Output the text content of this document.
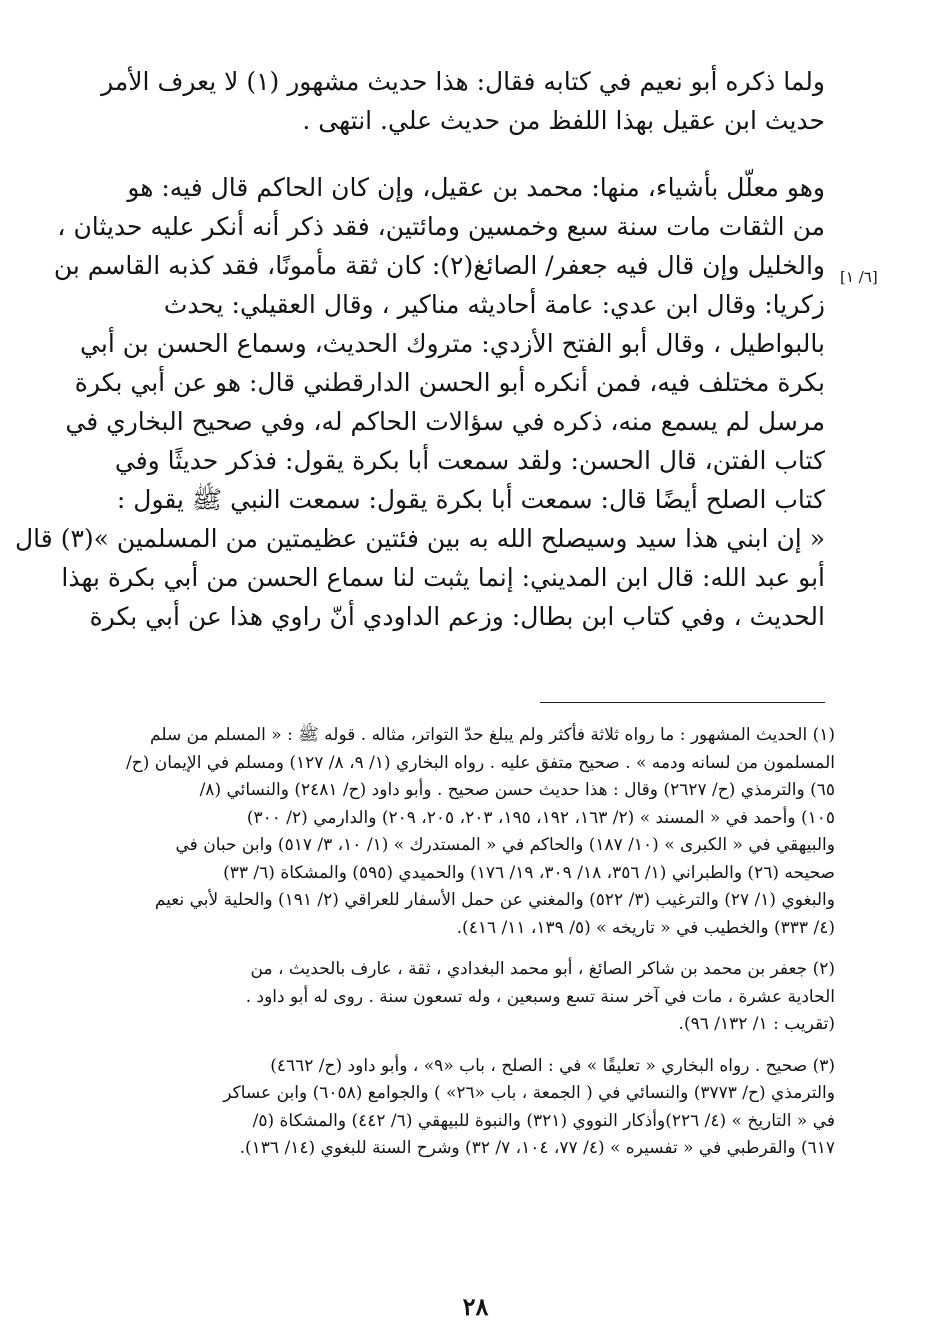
ولما ذكره أبو نعيم في كتابه فقال: هذا حديث مشهور (١) لا يعرف الأمر
حديث ابن عقيل بهذا اللفظ من حديث علي. انتهى .
وهو معلّل بأشياء، منها: محمد بن عقيل، وإن كان الحاكم قال فيه: هو
من الثقات مات سنة سبع وخمسين ومائتين، فقد ذكر أنه أنكر عليه حديثان ،
والخليل وإن قال فيه جعفر/ الصائغ(٢): كان ثقة مأمونًا، فقد كذبه القاسم بن
زكريا: وقال ابن عدي: عامة أحاديثه مناكير ، وقال العقيلي: يحدث
بالبواطيل ، وقال أبو الفتح الأزدي: متروك الحديث، وسماع الحسن بن أبي
بكرة مختلف فيه، فمن أنكره أبو الحسن الدارقطني قال: هو عن أبي بكرة
مرسل لم يسمع منه، ذكره في سؤالات الحاكم له، وفي صحيح البخاري في
كتاب الفتن، قال الحسن: ولقد سمعت أبا بكرة يقول: فذكر حديثًا وفي
كتاب الصلح أيضًا قال: سمعت أبا بكرة يقول: سمعت النبي ﷺ يقول :
« إن ابني هذا سيد وسيصلح الله به بين فئتين عظيمتين من المسلمين »(٣) قال
أبو عبد الله: قال ابن المديني: إنما يثبت لنا سماع الحسن من أبي بكرة بهذا
الحديث ، وفي كتاب ابن بطال: وزعم الداودي أنّ راوي هذا عن أبي بكرة
[٦/ ١]
(١) الحديث المشهور : ما رواه ثلاثة فأكثر ولم يبلغ حدّ التواتر، مثاله . قوله ﷺ : « المسلم من سلم
المسلمون من لسانه ودمه » . صحيح متفق عليه . رواه البخاري (١/ ٩، ٨/ ١٢٧) ومسلم في الإيمان (ح/
٦٥) والترمذي (ح/ ٢٦٢٧) وقال : هذا حديث حسن صحيح . وأبو داود (ح/ ٢٤٨١) والنسائي (٨/
١٠٥) وأحمد في « المسند » (٢/ ١٦٣، ١٩٢، ١٩٥، ٢٠٣، ٢٠٥، ٢٠٩) والدارمي (٢/ ٣٠٠)
والبيهقي في « الكبرى » (١٠/ ١٨٧) والحاكم في « المستدرك » (١/ ١٠، ٣/ ٥١٧) وابن حبان في
صحيحه (٢٦) والطبراني (١/ ٣٥٦، ١٨/ ٣٠٩، ١٩/ ١٧٦) والحميدي (٥٩٥) والمشكاة (٦/ ٣٣)
والبغوي (١/ ٢٧) والترغيب (٣/ ٥٢٢) والمغني عن حمل الأسفار للعراقي (٢/ ١٩١) والحلية لأبي نعيم
(٤/ ٣٣٣) والخطيب في « تاريخه » (٥/ ١٣٩، ١١/ ٤١٦).
(٢) جعفر بن محمد بن شاكر الصائغ ، أبو محمد البغدادي ، ثقة ، عارف بالحديث ، من
الحادية عشرة ، مات في آخر سنة تسع وسبعين ، وله تسعون سنة . روى له أبو داود .
(تقريب : ١/ ١٣٢/ ٩٦).
(٣) صحيح . رواه البخاري « تعليقًا » في : الصلح ، باب «٩» ، وأبو داود (ح/ ٤٦٦٢)
والترمذي (ح/ ٣٧٧٣) والنسائي في ( الجمعة ، باب «٢٦» ) والجوامع (٦٠٥٨) وابن عساكر
في « التاريخ » (٤/ ٢٢٦)وأذكار النووي (٣٢١) والنبوة للبيهقي (٦/ ٤٤٢) والمشكاة (٥/
٦١٧) والقرطبي في « تفسيره » (٤/ ٧٧، ١٠٤، ٧/ ٣٢) وشرح السنة للبغوي (١٤/ ١٣٦).
٢٨
